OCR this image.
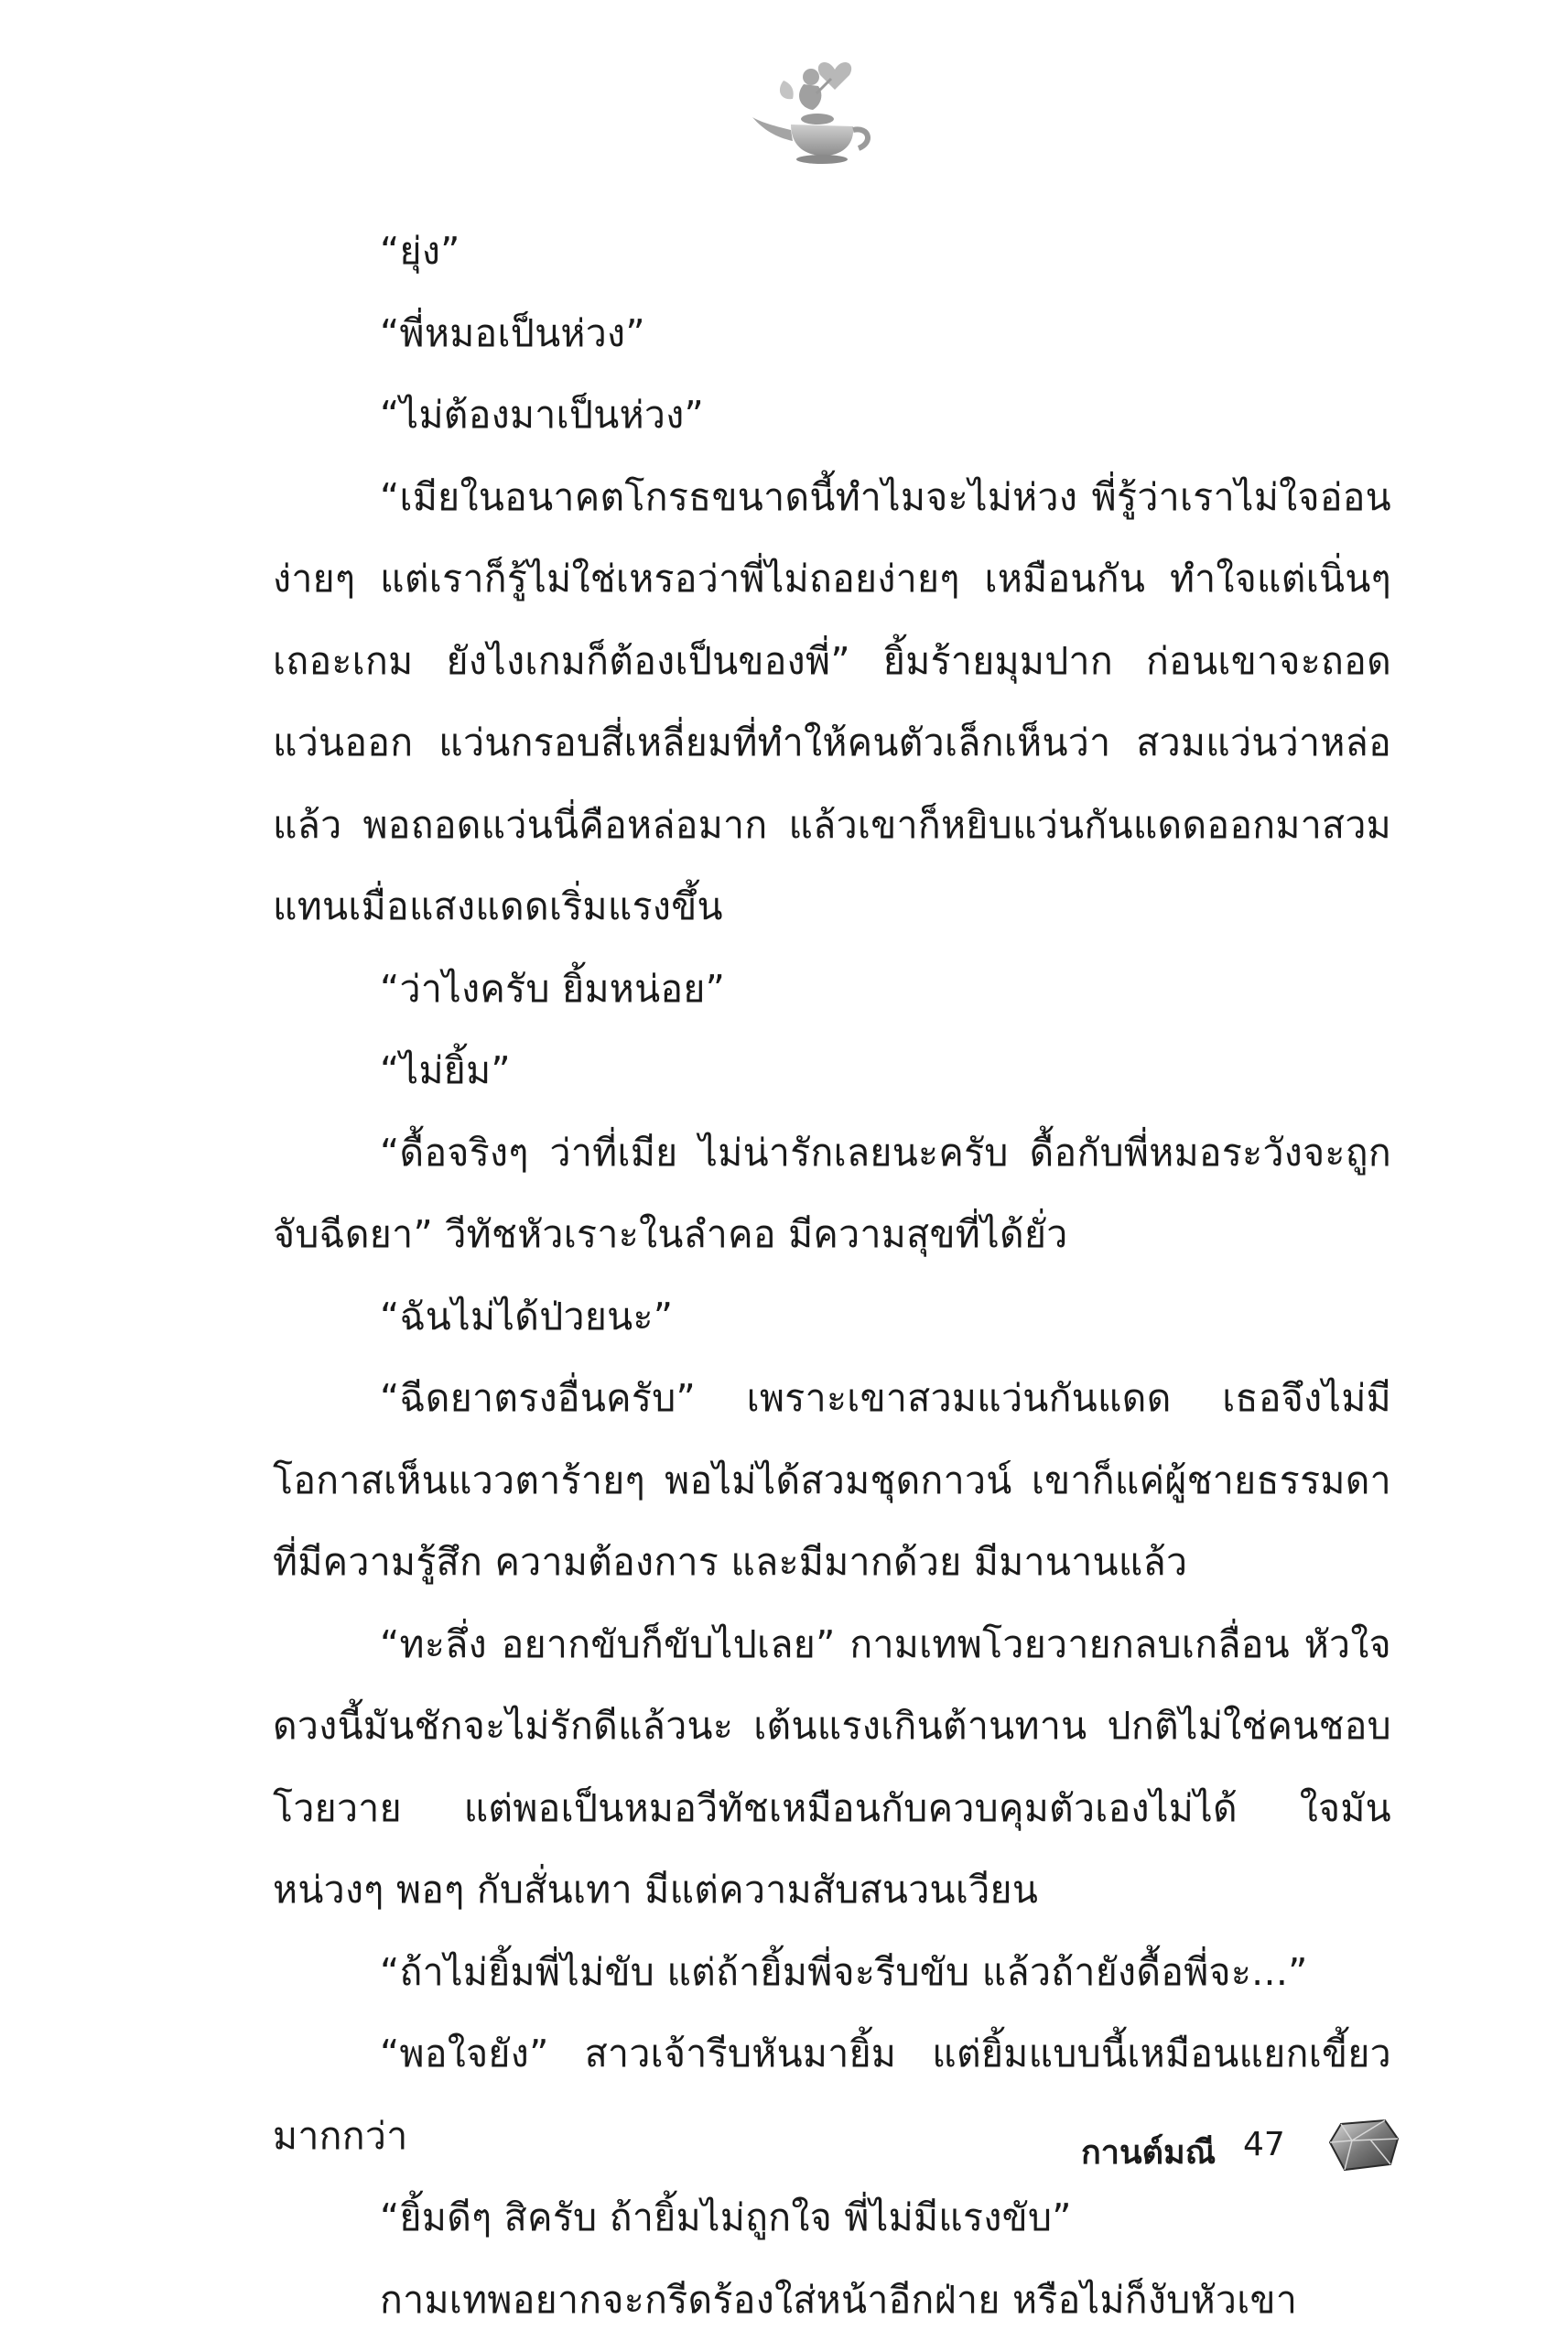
“ยุ่ง”

“พี่หมอเป็นห่วง”

“ไม่ต้องมาเป็นห่วง”

“เมียในอนาคตโกรธขนาดนี้ทำไมจะไม่ห่วง พี่รู้ว่าเราไม่ใจอ่อนง่ายๆ แต่เราก็รู้ไม่ใช่เหรอว่าพี่ไม่ถอยง่ายๆ เหมือนกัน ทำใจแต่เนิ่นๆ เถอะเกม ยังไงเกมก็ต้องเป็นของพี่” ยิ้มร้ายมุมปาก ก่อนเขาจะถอดแว่นออก แว่นกรอบสี่เหลี่ยมที่ทำให้คนตัวเล็กเห็นว่า สวมแว่นว่าหล่อแล้ว พอถอดแว่นนี่คือหล่อมาก แล้วเขาก็หยิบแว่นกันแดดออกมาสวมแทนเมื่อแสงแดดเริ่มแรงขึ้น

“ว่าไงครับ ยิ้มหน่อย”

“ไม่ยิ้ม”

“ดื้อจริงๆ ว่าที่เมีย ไม่น่ารักเลยนะครับ ดื้อกับพี่หมอระวังจะถูกจับฉีดยา” วีทัชหัวเราะในลำคอ มีความสุขที่ได้ยั่ว

“ฉันไม่ได้ป่วยนะ”

“ฉีดยาตรงอื่นครับ” เพราะเขาสวมแว่นกันแดด เธอจึงไม่มีโอกาสเห็นแววตาร้ายๆ พอไม่ได้สวมชุดกาวน์ เขาก็แค่ผู้ชายธรรมดาที่มีความรู้สึก ความต้องการ และมีมากด้วย มีมานานแล้ว

“ทะลึ่ง อยากขับก็ขับไปเลย” กามเทพโวยวายกลบเกลื่อน หัวใจดวงนี้มันชักจะไม่รักดีแล้วนะ เต้นแรงเกินต้านทาน ปกติไม่ใช่คนชอบโวยวาย แต่พอเป็นหมอวีทัชเหมือนกับควบคุมตัวเองไม่ได้ ใจมันหน่วงๆ พอๆ กับสั่นเทา มีแต่ความสับสนวนเวียน

“ถ้าไม่ยิ้มพี่ไม่ขับ แต่ถ้ายิ้มพี่จะรีบขับ แล้วถ้ายังดื้อพี่จะ...”

“พอใจยัง” สาวเจ้ารีบหันมายิ้ม แต่ยิ้มแบบนี้เหมือนแยกเขี้ยวมากกว่า

“ยิ้มดีๆ สิครับ ถ้ายิ้มไม่ถูกใจ พี่ไม่มีแรงขับ”

กามเทพอยากจะกรีดร้องใส่หน้าอีกฝ่าย หรือไม่ก็งับหัวเขา

กานต์มณี 47
